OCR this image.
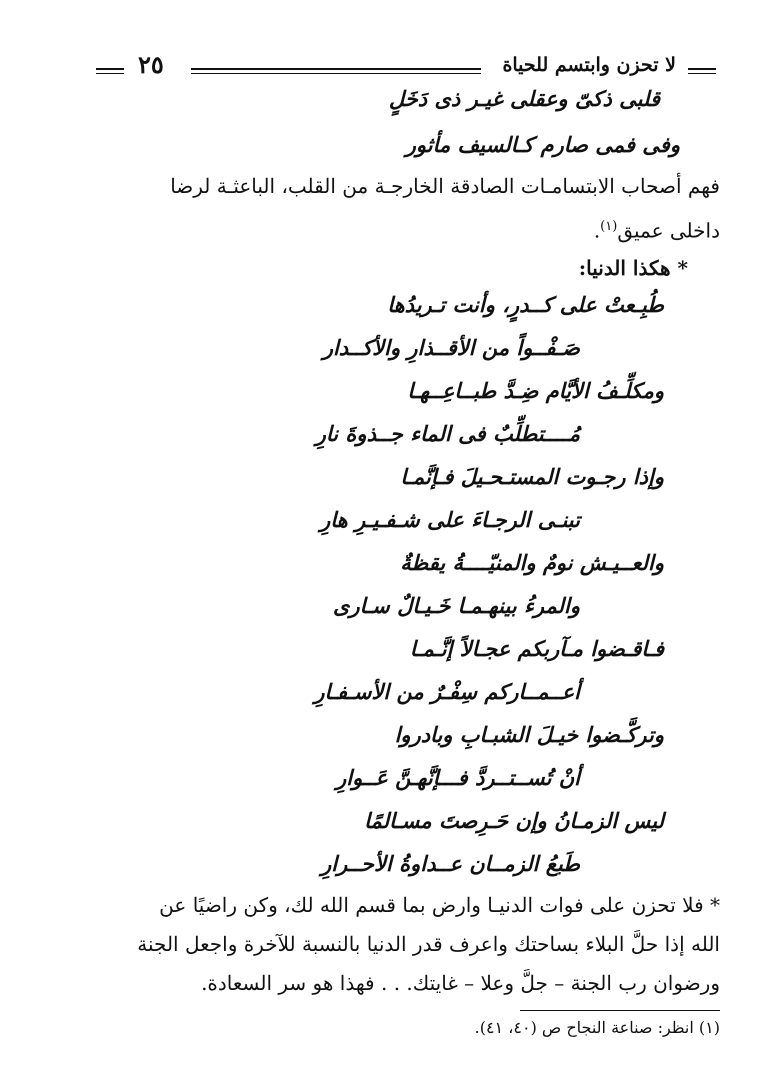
لا تحزن وابتسم للحياة
٢٥
قلبى ذكىّ وعقلى غيـر ذى دَخَلٍ
وفى فمى صارم كـالسيف مأثور
فهم أصحاب الابتسامـات الصادقة الخارجـة من القلب، الباعثـة لرضا
داخلى عميق$^{(١)}$.
* هكذا الدنيا:
طُبِـعتْ على كــدرٍ، وأنت تـريدُها
صَـفْــواً من الأقــذارِ والأكــدار
ومكلِّـفُ الأيَّام ضِـدَّ طبــاعِــهـا
مُــــتطلِّبٌ فى الماء جــذوةَ نارِ
وإذا رجـوت المستـحـيلَ فـإنَّمـا
تبنـى الرجـاءَ على شـفـيـرِ هارِ
والعــيـش نومٌ والمنيّــــةُ يقظةٌ
والمرءُ بينهـمـا خَـيـالٌ سـارى
فـاقـضوا مـآربكم عجـالاً إنَّـمـا
أعــمــاركم سِفْـرٌ من الأسـفـارِ
وتركَّـضوا خيـلَ الشبـابِ وبادروا
أنْ تُســتــردَّ فـــإنَّهـنَّ عَــوارِ
ليس الزمـانُ وإن حَـرِصتَ مسـالمًا
طَبعُ الزمــان عــداوةُ الأحــرارِ
* فلا تحزن على فوات الدنيـا وارض بما قسم الله لك، وكن راضيًا عن
الله إذا حلَّ البلاء بساحتك واعرف قدر الدنيا بالنسبة للآخرة واجعل الجنة
ورضوان رب الجنة – جلَّ وعلا – غايتك. . . فهذا هو سر السعادة.
(١) انظر: صناعة النجاح ص (٤٠، ٤١).
